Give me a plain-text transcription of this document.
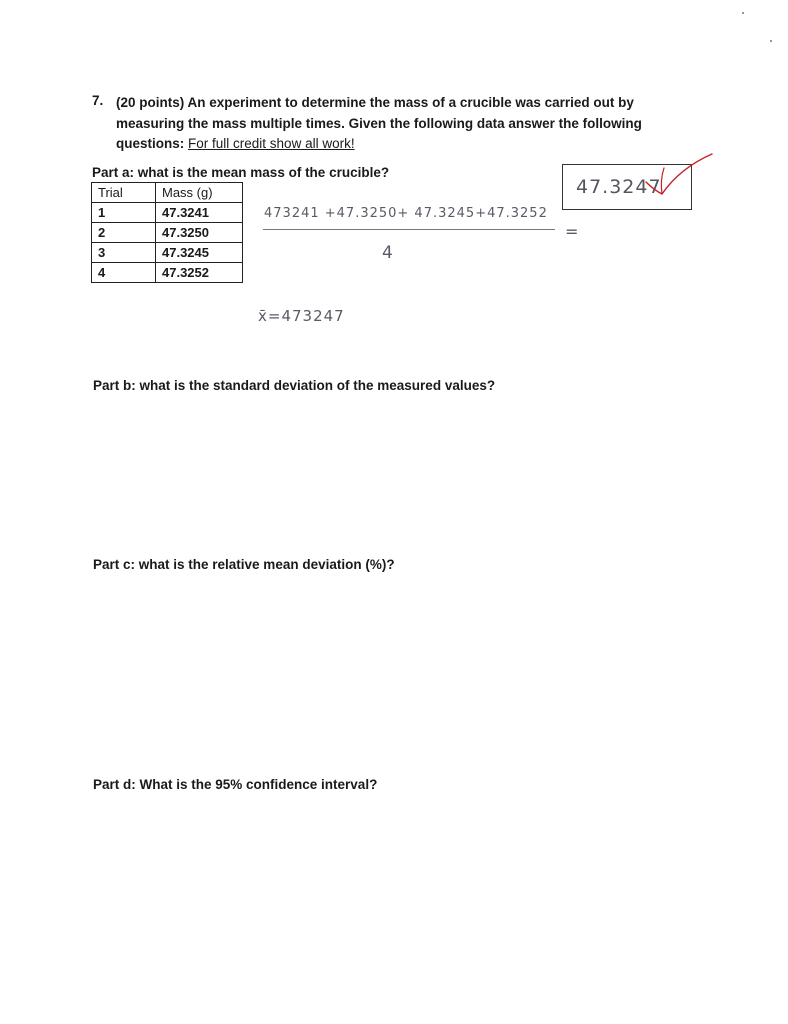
7. (20 points) An experiment to determine the mass of a crucible was carried out by measuring the mass multiple times. Given the following data answer the following questions: For full credit show all work!
Part a: what is the mean mass of the crucible?
Trial	Mass (g)
1	47.3241
2	47.3250
3	47.3245
4	47.3252
473241 +47.3250+ 47.3245+47.3252
4
=
x̄=473247
47.3247
Part b: what is the standard deviation of the measured values?
Part c: what is the relative mean deviation (%)?
Part d: What is the 95% confidence interval?
